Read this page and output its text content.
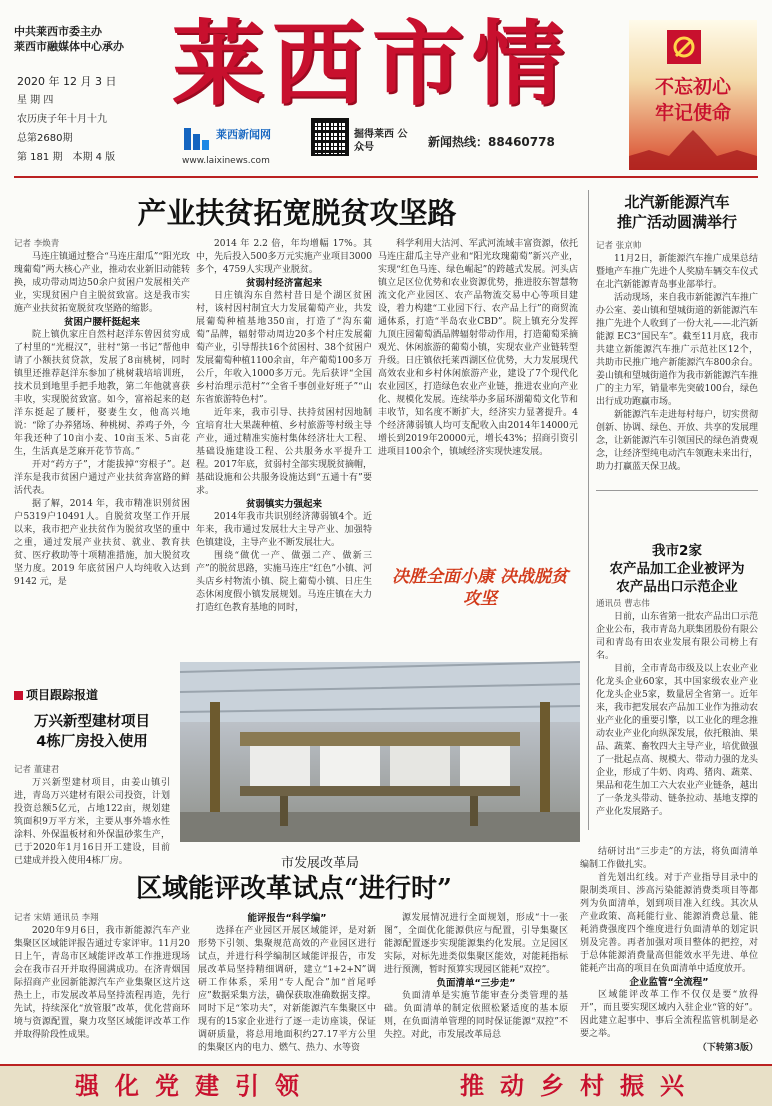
中共莱西市委主办
莱西市融媒体中心承办
2020 年 12 月 3 日
星 期 四
农历庚子年十月十九
总第2680期
第 181 期　本期 4 版
莱西市情
莱西新闻网
www.laixinews.com
掘得莱西 公众号	新闻热线：88460778
不忘初心
牢记使命
产业扶贫拓宽脱贫攻坚路

记者 李焕青

马连庄镇通过整合“马连庄甜瓜”“阳光玫瑰葡萄”两大核心产业，推动农业新旧动能转换，成功带动周边50余户贫困户发展相关产业，实现贫困户自主脱贫致富。这是我市实施产业扶贫拓宽脱贫攻坚路的缩影。

贫困户腰杆挺起来

院上镇仇家庄自然村赵洋东曾因贫穷成了村里的“光棍汉”，驻村“第一书记”帮他申请了小额扶贫贷款，发展了8亩桃树，同时镇里还推荐赵洋东参加了桃树栽培培训班，技术员到地里手把手地教，第二年他就喜获丰收，实现脱贫致富。如今，富裕起来的赵洋东挺起了腰杆，娶妻生女，他高兴地说：“除了办养猪场、种桃树、养鸡子外，今年我还种了10亩小麦、10亩玉米、5亩花生，生活真是芝麻开花节节高。”

开对“药方子”，才能拔掉“穷根子”。赵洋东是我市贫困户通过产业扶贫奔富路的鲜活代表。

据了解，2014 年，我市精准识别贫困户5319户10491人。自脱贫攻坚工作开展以来，我市把产业扶贫作为脱贫攻坚的重中之重，通过发展产业扶贫、就业、教育扶贫、医疗救助等十项精准措施，加大脱贫攻坚力度。2019 年底贫困户人均纯收入达到 9142 元，是

2014 年 2.2 倍，年均增幅 17%。其中，先后投入500多万元实施产业项目3000多个，4759人实现产业脱贫。

贫弱村经济富起来

日庄镇沟东自然村昔日是个湖区贫困村，该村因村制宜大力发展葡萄产业，共发展葡萄种植基地350亩，打造了“沟东葡萄”品牌，辐射带动周边20多个村庄发展葡萄产业，引导帮扶16个贫困村、38个贫困户发展葡萄种植1100余亩，年产葡萄100多万公斤，年收入1000多万元。先后获评“全国乡村治理示范村”“全省千事创业好班子”“山东省旅游特色村”。

近年来，我市引导、扶持贫困村因地制宜培育壮大果蔬种植、乡村旅游等村级主导产业，通过精准实施村集体经济壮大工程、基础设施建设工程、公共服务水平提升工程。2017年底，贫弱村全部实现脱贫摘帽，基础设施和公共服务设施达到“五通十有”要求。

贫弱镇实力强起来

2014年我市共识别经济薄弱镇4个。近年来，我市通过发展壮大主导产业、加强特色镇建设，主导产业不断发展壮大。

围绕“做优一产、做强二产、做新三产”的脱贫思路，实施马连庄“红色”小镇、河头店乡村物流小镇、院上葡萄小镇、日庄生态休闲度假小镇发展规划。马连庄镇在大力打造红色教育基地的同时，

科学利用大沽河、军武河流域丰富资源，依托马连庄甜瓜主导产业和“阳光玫瑰葡萄”新兴产业，实现“红色马连、绿色崛起”的跨越式发展。河头店镇立足区位优势和农业资源优势，推进胶东智慧物流文化产业园区、农产品物流交易中心等项目建设，着力构建“工业园下行、农产品上行”的商贸流通体系，打造“半岛农业CBD”。院上镇充分发挥九顶庄园葡萄酒品牌辐射带动作用，打造葡萄采摘观光、休闲旅游的葡萄小镇，实现农业产业链转型升级。日庄镇依托莱西湖区位优势，大力发展现代高效农业和乡村休闲旅游产业，建设了7个现代化农业园区，打造绿色农业产业链，推进农业向产业化、规模化发展。连续举办多届环湖葡萄文化节和丰收节，知名度不断扩大，经济实力显著提升。4个经济薄弱镇人均可支配收入由2014年14000元增长到2019年20000元，增长43%；招商引资引进项目100余个，镇域经济实现快速发展。

决胜全面小康 决战脱贫攻坚
北汽新能源汽车
推广活动圆满举行

记者 张京帅

11月2日，新能源汽车推广成果总结暨地产车推广先进个人奖励车辆交车仪式在北汽新能源青岛事业部举行。

活动现场，来自我市新能源汽车推广办公室、姜山镇和望城街道的新能源汽车推广先进个人收到了一份大礼——北汽新能源 EC3“国民车”。截至11月底，我市共建立新能源汽车推广示范社区12个，共助市民推广地产新能源汽车800余台。姜山镇和望城街道作为我市新能源汽车推广的主力军，销量率先突破100台，绿色出行成功跑赢市场。

新能源汽车走进每村每户，切实贯彻创新、协调、绿色、开放、共享的发展理念，让新能源汽车引领国民的绿色消费观念，让经济型纯电动汽车领跑未来出行，助力打赢蓝天保卫战。

我市2家
农产品加工企业被评为
农产品出口示范企业

通讯员 曹志伟

日前，山东省第一批农产品出口示范企业公布，我市青岛九联集团股份有限公司和青岛有田农业发展有限公司榜上有名。

目前，全市青岛市级及以上农业产业化龙头企业60家，其中国家级农业产业化龙头企业5家，数量居全省第一。近年来，我市把发展农产品加工业作为推动农业产业化的重要引擎，以工业化的理念推动农业产业化向纵深发展，依托粮油、果品、蔬菜、畜牧四大主导产业，培优做强了一批起点高、规模大、带动力强的龙头企业，形成了牛奶、肉鸡、猪肉、蔬菜、果品和花生加工六大农业产业链条，越出了一条龙头带动、链条拉动、基地支撑的产业化发展路子。

项目跟踪报道
万兴新型建材项目
4栋厂房投入使用

记者 董建君

万兴新型建材项目，由姜山镇引进，青岛万兴建材有限公司投资，计划投资总额5亿元，占地122亩，规划建筑面积9万平方米，主要从事外墙水性涂料、外保温板材和外保温砂浆生产，已于2020年1月16日开工建设，目前已建成并投入使用4栋厂房。	市发展改革局
区域能评改革试点“进行时”

记者 宋婧 通讯员 李翔

2020年9月6日，我市新能源汽车产业集聚区区域能评报告通过专家评审。11月20日上午，青岛市区域能评改革工作推进现场会在我市召开并取得圆满成功。在济青烟国际招商产业园新能源汽车产业集聚区这片这热土上，市发展改革局坚持流程再造，先行先试，持续深化“放管服”改革，优化营商环境与资源配置，聚力攻坚区域能评改革工作并取得阶段性成果。

能评报告“科学编”

选择在产业园区开展区域能评，是对新形势下引领、集聚规范高效的产业园区进行试点，并进行科学编制区域能评报告，市发展改革局坚持精细调研，建立“1+2+N”调研工作体系，采用“专人配合”加“首尾呼应”数据采集方法，确保获取准确数据支撑。同时下足“笨功夫”，对新能源汽车集聚区中现有的15家企业进行了逐一走访座谈，保证调研质量，将总用地面积约27.17平方公里的集聚区内的电力、燃气、热力、水等资

源发展情况进行全面规划，形成“十一张图”，全面优化能源供应与配置，引导集聚区能源配置逐步实现能源集约化发展。立足园区实际，对标先进类似集聚区能效，对能耗指标进行预测，暂时预算实现园区能耗“双控”。

负面清单“三步走”

负面清单是实施节能审查分类管理的基础。负面清单的制定依照松紧适度的基本原则，在负面清单管理的同时保证能源“双控”不失控。对此，市发展改革局总

结研讨出“三步走”的方法，将负面清单编制工作做扎实。

首先划出红线。对于产业指导目录中的限制类项目、涉高污染能源消费类项目等都列为负面清单，划到项目准入红线。其次从产业政策、高耗能行业、能源消费总量、能耗消费强度四个维度进行负面清单的划定识别及完善。再者加强对项目整体的把控，对于总体能源消费量高但能效水平先进、单位能耗产出高的项目在负面清单中适度放开。

企业监管“全流程”

区域能评改革工作不仅仅是要“放得开”，而且要实现区域内入驻企业“管的好”。因此建立起事中、事后全流程监管机制是必要之举。

（下转第3版）
强化党建引领	推动乡村振兴
